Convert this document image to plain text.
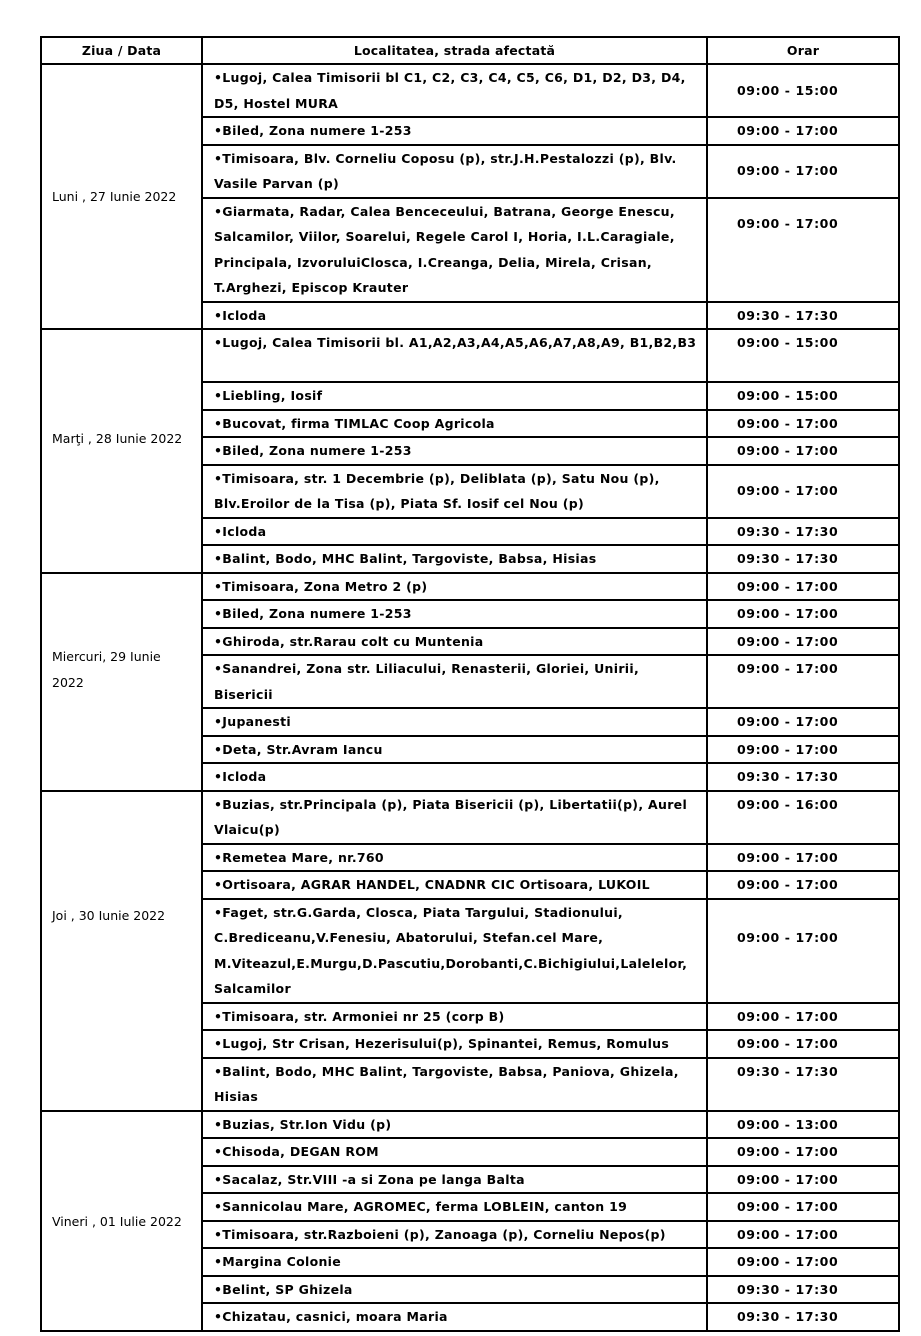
Ziua / Data	Localitatea, strada afectată	Orar
Luni , 27 Iunie 2022	•Lugoj, Calea Timisorii bl C1, C2, C3, C4, C5, C6, D1, D2, D3, D4, D5, Hostel MURA	09:00 - 15:00
	•Biled, Zona numere 1-253	09:00 - 17:00
	•Timisoara, Blv. Corneliu Coposu (p), str.J.H.Pestalozzi (p), Blv. Vasile Parvan (p)	09:00 - 17:00
	•Giarmata, Radar, Calea Benceceului, Batrana, George Enescu, Salcamilor, Viilor, Soarelui, Regele Carol I, Horia, I.L.Caragiale, Principala, IzvoruluiClosca, I.Creanga, Delia, Mirela, Crisan, T.Arghezi, Episcop Krauter	09:00 - 17:00
	•Icloda	09:30 - 17:30
Marţi , 28 Iunie 2022	•Lugoj, Calea Timisorii bl. A1,A2,A3,A4,A5,A6,A7,A8,A9, B1,B2,B3	09:00 - 15:00
	•Liebling, Iosif	09:00 - 15:00
	•Bucovat, firma TIMLAC Coop Agricola	09:00 - 17:00
	•Biled, Zona numere 1-253	09:00 - 17:00
	•Timisoara, str. 1 Decembrie (p), Deliblata (p), Satu Nou (p), Blv.Eroilor de la Tisa (p), Piata Sf. Iosif cel Nou (p)	09:00 - 17:00
	•Icloda	09:30 - 17:30
	•Balint, Bodo, MHC Balint, Targoviste, Babsa, Hisias	09:30 - 17:30
Miercuri, 29 Iunie 2022	•Timisoara, Zona Metro 2 (p)	09:00 - 17:00
	•Biled, Zona numere 1-253	09:00 - 17:00
	•Ghiroda, str.Rarau colt cu Muntenia	09:00 - 17:00
	•Sanandrei, Zona str. Liliacului, Renasterii, Gloriei, Unirii, Bisericii	09:00 - 17:00
	•Jupanesti	09:00 - 17:00
	•Deta, Str.Avram Iancu	09:00 - 17:00
	•Icloda	09:30 - 17:30
Joi , 30 Iunie 2022	•Buzias, str.Principala (p), Piata Bisericii (p), Libertatii(p), Aurel Vlaicu(p)	09:00 - 16:00
	•Remetea Mare, nr.760	09:00 - 17:00
	•Ortisoara, AGRAR HANDEL, CNADNR CIC Ortisoara, LUKOIL	09:00 - 17:00
	•Faget, str.G.Garda, Closca, Piata Targului, Stadionului, C.Brediceanu,V.Fenesiu, Abatorului, Stefan.cel Mare, M.Viteazul,E.Murgu,D.Pascutiu,Dorobanti,C.Bichigiului,Lalelelor, Salcamilor	09:00 - 17:00
	•Timisoara, str. Armoniei nr 25 (corp B)	09:00 - 17:00
	•Lugoj, Str Crisan, Hezerisului(p), Spinantei, Remus, Romulus	09:00 - 17:00
	•Balint, Bodo, MHC Balint, Targoviste, Babsa, Paniova, Ghizela, Hisias	09:30 - 17:30
Vineri , 01 Iulie 2022	•Buzias, Str.Ion Vidu (p)	09:00 - 13:00
	•Chisoda, DEGAN ROM	09:00 - 17:00
	•Sacalaz, Str.VIII -a si Zona pe langa Balta	09:00 - 17:00
	•Sannicolau Mare, AGROMEC, ferma LOBLEIN, canton 19	09:00 - 17:00
	•Timisoara, str.Razboieni (p), Zanoaga (p), Corneliu Nepos(p)	09:00 - 17:00
	•Margina Colonie	09:00 - 17:00
	•Belint, SP Ghizela	09:30 - 17:30
	•Chizatau, casnici, moara Maria	09:30 - 17:30
